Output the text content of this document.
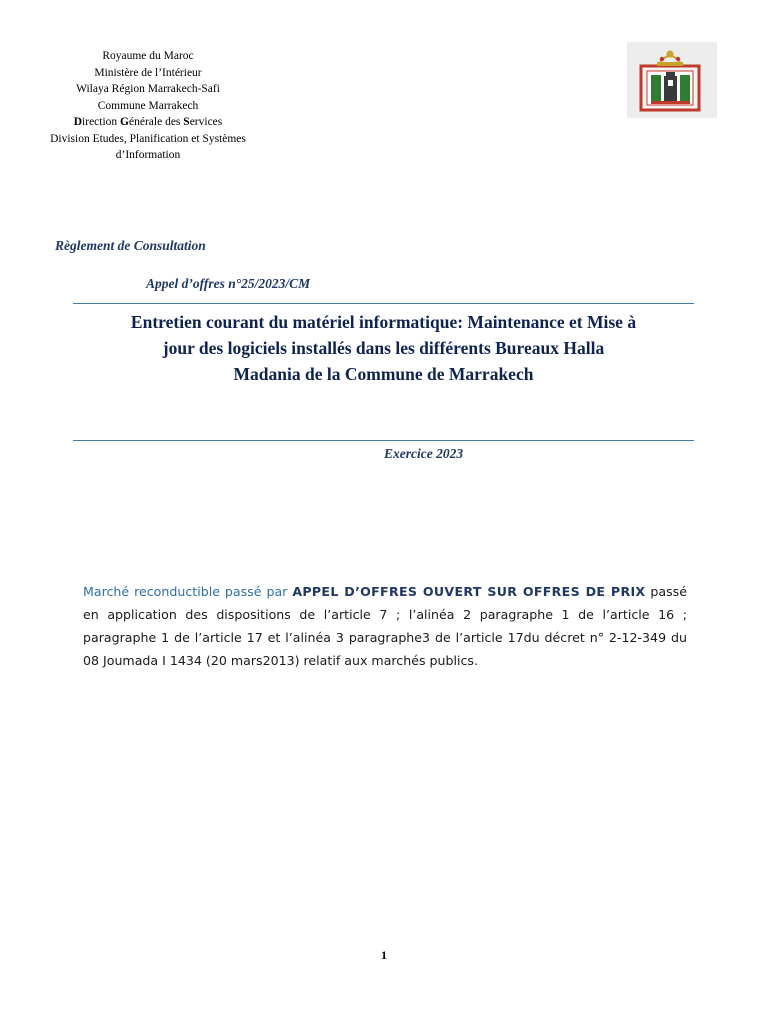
Royaume du Maroc
Ministère de l’Intérieur
Wilaya Région Marrakech-Safi
Commune Marrakech
Direction Générale des Services
Division Etudes, Planification et Systèmes
d’Information
Règlement de Consultation
Appel d’offres n°25/2023/CM
Entretien courant du matériel informatique: Maintenance et Mise à
jour des logiciels installés dans les différents Bureaux Halla
Madania de la Commune de Marrakech
Exercice 2023
Marché reconductible passé par APPEL D’OFFRES OUVERT SUR OFFRES DE PRIX passé en application des dispositions de l’article 7 ; l’alinéa 2 paragraphe 1 de l’article 16 ; paragraphe 1 de l’article 17 et l’alinéa 3 paragraphe3 de l’article 17du décret n° 2-12-349 du 08 Joumada I 1434 (20 mars2013) relatif aux marchés publics.
1
